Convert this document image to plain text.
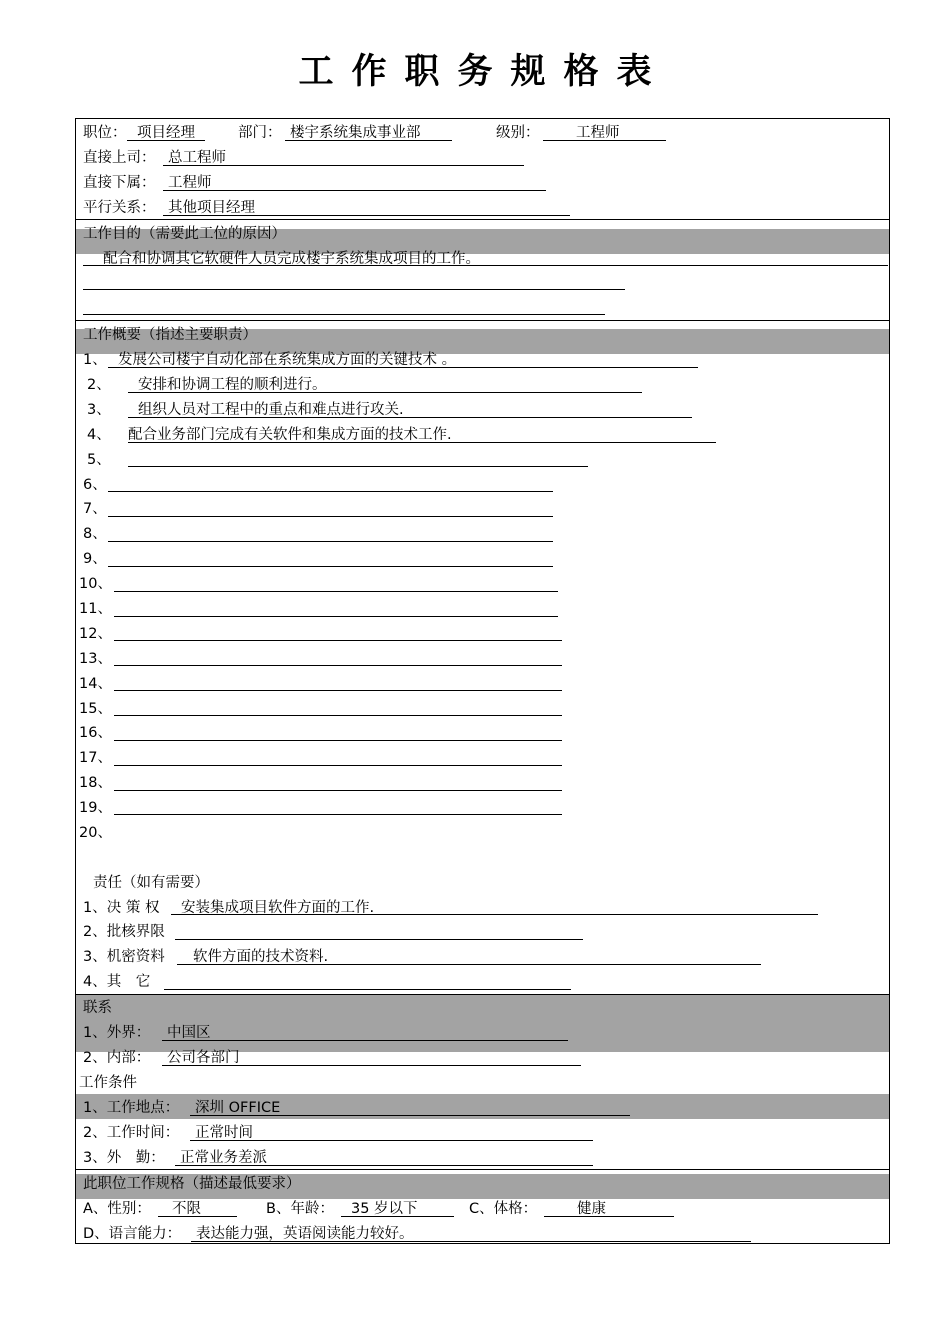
工作职务规格表
职位： 项目经理	部门： 楼宇系统集成事业部	级别：	工程师
直接上司： 总工程师
直接下属： 工程师
平行关系： 其他项目经理
工作目的（需要此工位的原因）
配合和协调其它软硬件人员完成楼宇系统集成项目的工作。
工作概要（指述主要职责）
1、 发展公司楼宇自动化部在系统集成方面的关键技术 。
2、 安排和协调工程的顺利进行。
3、 组织人员对工程中的重点和难点进行攻关.
4、 配合业务部门完成有关软件和集成方面的技术工作.
5、
6、
7、
8、
9、
10、
11、
12、
13、
14、
15、
16、
17、
18、
19、
20、
责任（如有需要）
1、决 策 权 安装集成项目软件方面的工作.
2、批核界限
3、机密资料 软件方面的技术资料.
4、其　它
联系
1、外界： 中国区
2、内部： 公司各部门
工作条件
1、工作地点： 深圳 OFFICE
2、工作时间： 正常时间
3、外　勤： 正常业务差派
此职位工作规格（描述最低要求）
A、性别： 不限	B、年龄： 35 岁以下	C、体格：	健康
D、语言能力： 表达能力强，英语阅读能力较好。
